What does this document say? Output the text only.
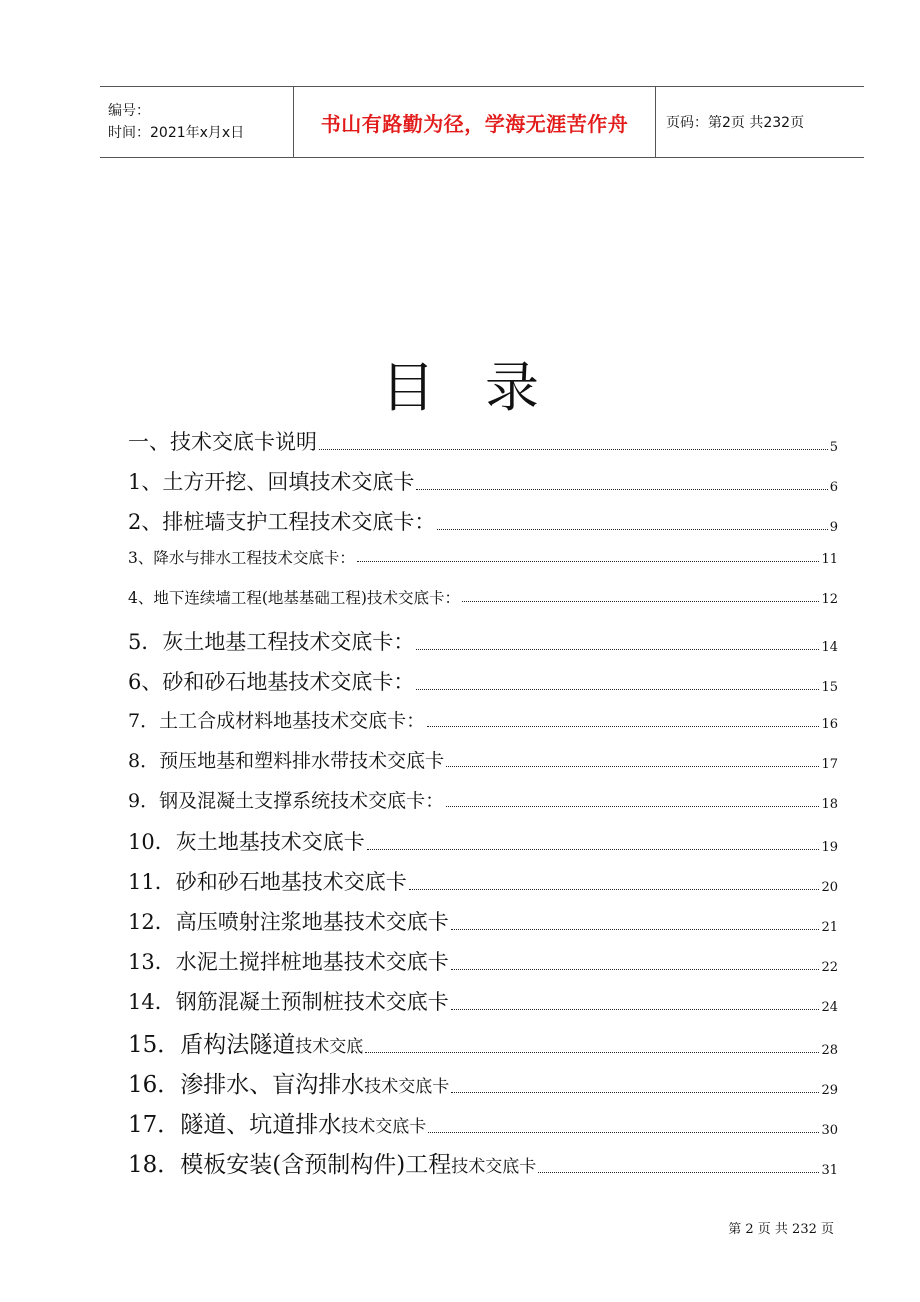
编号：
时间：2021年x月x日	书山有路勤为径，学海无涯苦作舟	页码：第2页 共232页
目录
一、技术交底卡说明	5
1、土方开挖、回填技术交底卡	6
2、排桩墙支护工程技术交底卡：	9
3、降水与排水工程技术交底卡：	11
4、地下连续墙工程(地基基础工程)技术交底卡：	12
5．灰土地基工程技术交底卡：	14
6、砂和砂石地基技术交底卡：	15
7．土工合成材料地基技术交底卡：	16
8．预压地基和塑料排水带技术交底卡	17
9．钢及混凝土支撑系统技术交底卡：	18
10．灰土地基技术交底卡	19
11．砂和砂石地基技术交底卡	20
12．高压喷射注浆地基技术交底卡	21
13．水泥土搅拌桩地基技术交底卡	22
14．钢筋混凝土预制桩技术交底卡	24
15．盾构法隧道技术交底	28
16．渗排水、盲沟排水技术交底卡	29
17．隧道、坑道排水技术交底卡	30
18．模板安装(含预制构件)工程技术交底卡	31
第 2 页 共 232 页
